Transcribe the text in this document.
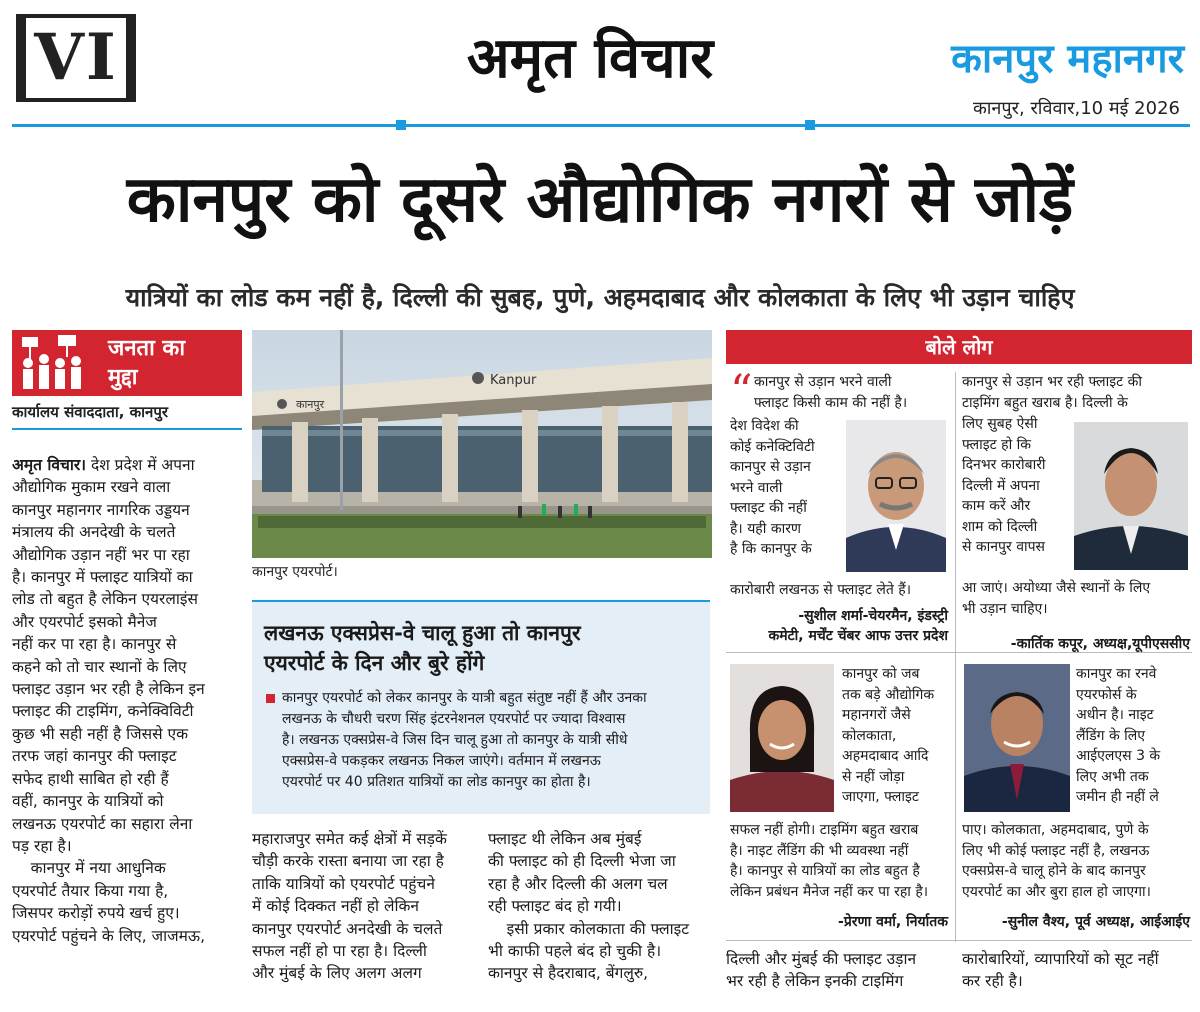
VI	अमृत विचार	कानपुर महानगर
कानपुर, रविवार,10 मई 2026
कानपुर को दूसरे औद्योगिक नगरों से जोड़ें
यात्रियों का लोड कम नहीं है, दिल्ली की सुबह, पुणे, अहमदाबाद और कोलकाता के लिए भी उड़ान चाहिए
जनता का
मुद्दा
कार्यालय संवाददाता, कानपुर
अमृत विचार। देश प्रदेश में अपना
औद्योगिक मुकाम रखने वाला
कानपुर महानगर नागरिक उड्डयन
मंत्रालय की अनदेखी के चलते
औद्योगिक उड़ान नहीं भर पा रहा
है। कानपुर में फ्लाइट यात्रियों का
लोड तो बहुत है लेकिन एयरलाइंस
और एयरपोर्ट इसको मैनेज
नहीं कर पा रहा है। कानपुर से
कहने को तो चार स्थानों के लिए
फ्लाइट उड़ान भर रही है लेकिन इन
फ्लाइट की टाइमिंग, कनेक्विविटी
कुछ भी सही नहीं है जिससे एक
तरफ जहां कानपुर की फ्लाइट
सफेद हाथी साबित हो रही हैं
वहीं, कानपुर के यात्रियों को
लखनऊ एयरपोर्ट का सहारा लेना
पड़ रहा है।
कानपुर में नया आधुनिक
एयरपोर्ट तैयार किया गया है,
जिसपर करोड़ों रुपये खर्च हुए।
एयरपोर्ट पहुंचने के लिए, जाजमऊ,
कानपुर
Kanpur
कानपुर एयरपोर्ट।
लखनऊ एक्सप्रेस-वे चालू हुआ तो कानपुर
एयरपोर्ट के दिन और बुरे होंगे
कानपुर एयरपोर्ट को लेकर कानपुर के यात्री बहुत संतुष्ट नहीं हैं और उनका
लखनऊ के चौधरी चरण सिंह इंटरनेशनल एयरपोर्ट पर ज्यादा विश्वास
है। लखनऊ एक्सप्रेस-वे जिस दिन चालू हुआ तो कानपुर के यात्री सीधे
एक्सप्रेस-वे पकड़कर लखनऊ निकल जाएंगे। वर्तमान में लखनऊ
एयरपोर्ट पर 40 प्रतिशत यात्रियों का लोड कानपुर का होता है।
महाराजपुर समेत कई क्षेत्रों में सड़कें
चौड़ी करके रास्ता बनाया जा रहा है
ताकि यात्रियों को एयरपोर्ट पहुंचने
में कोई दिक्कत नहीं हो लेकिन
कानपुर एयरपोर्ट अनदेखी के चलते
सफल नहीं हो पा रहा है। दिल्ली
और मुंबई के लिए अलग अलग
फ्लाइट थी लेकिन अब मुंबई
की फ्लाइट को ही दिल्ली भेजा जा
रहा है और दिल्ली की अलग चल
रही फ्लाइट बंद हो गयी।
इसी प्रकार कोलकाता की फ्लाइट
भी काफी पहले बंद हो चुकी है।
कानपुर से हैदराबाद, बेंगलुरु,
बोले लोग
“ कानपुर से उड़ान भरने वाली
फ्लाइट किसी काम की नहीं है।
देश विदेश की
कोई कनेक्टिविटी
कानपुर से उड़ान
भरने वाली
फ्लाइट की नहीं
है। यही कारण
है कि कानपुर के
कारोबारी लखनऊ से फ्लाइट लेते हैं।
-सुशील शर्मा-चेयरमैन, इंडस्ट्री
कमेटी, मर्चेंट चेंबर आफ उत्तर प्रदेश
कानपुर से उड़ान भर रही फ्लाइट की
टाइमिंग बहुत खराब है। दिल्ली के
लिए सुबह ऐसी
फ्लाइट हो कि
दिनभर कारोबारी
दिल्ली में अपना
काम करें और
शाम को दिल्ली
से कानपुर वापस
आ जाएं। अयोध्या जैसे स्थानों के लिए
भी उड़ान चाहिए।
-कार्तिक कपूर, अध्यक्ष,यूपीएससीए
कानपुर को जब
तक बड़े औद्योगिक
महानगरों जैसे
कोलकाता,
अहमदाबाद आदि
से नहीं जोड़ा
जाएगा, फ्लाइट
सफल नहीं होगी। टाइमिंग बहुत खराब
है। नाइट लैंडिंग की भी व्यवस्था नहीं
है। कानपुर से यात्रियों का लोड बहुत है
लेकिन प्रबंधन मैनेज नहीं कर पा रहा है।
-प्रेरणा वर्मा, निर्यातक
कानपुर का रनवे
एयरफोर्स के
अधीन है। नाइट
लैंडिंग के लिए
आईएलएस 3 के
लिए अभी तक
जमीन ही नहीं ले
पाए। कोलकाता, अहमदाबाद, पुणे के
लिए भी कोई फ्लाइट नहीं है, लखनऊ
एक्सप्रेस-वे चालू होने के बाद कानपुर
एयरपोर्ट का और बुरा हाल हो जाएगा।
-सुनील वैश्य, पूर्व अध्यक्ष, आईआईए
दिल्ली और मुंबई की फ्लाइट उड़ान
भर रही है लेकिन इनकी टाइमिंग
कारोबारियों, व्यापारियों को सूट नहीं
कर रही है।
